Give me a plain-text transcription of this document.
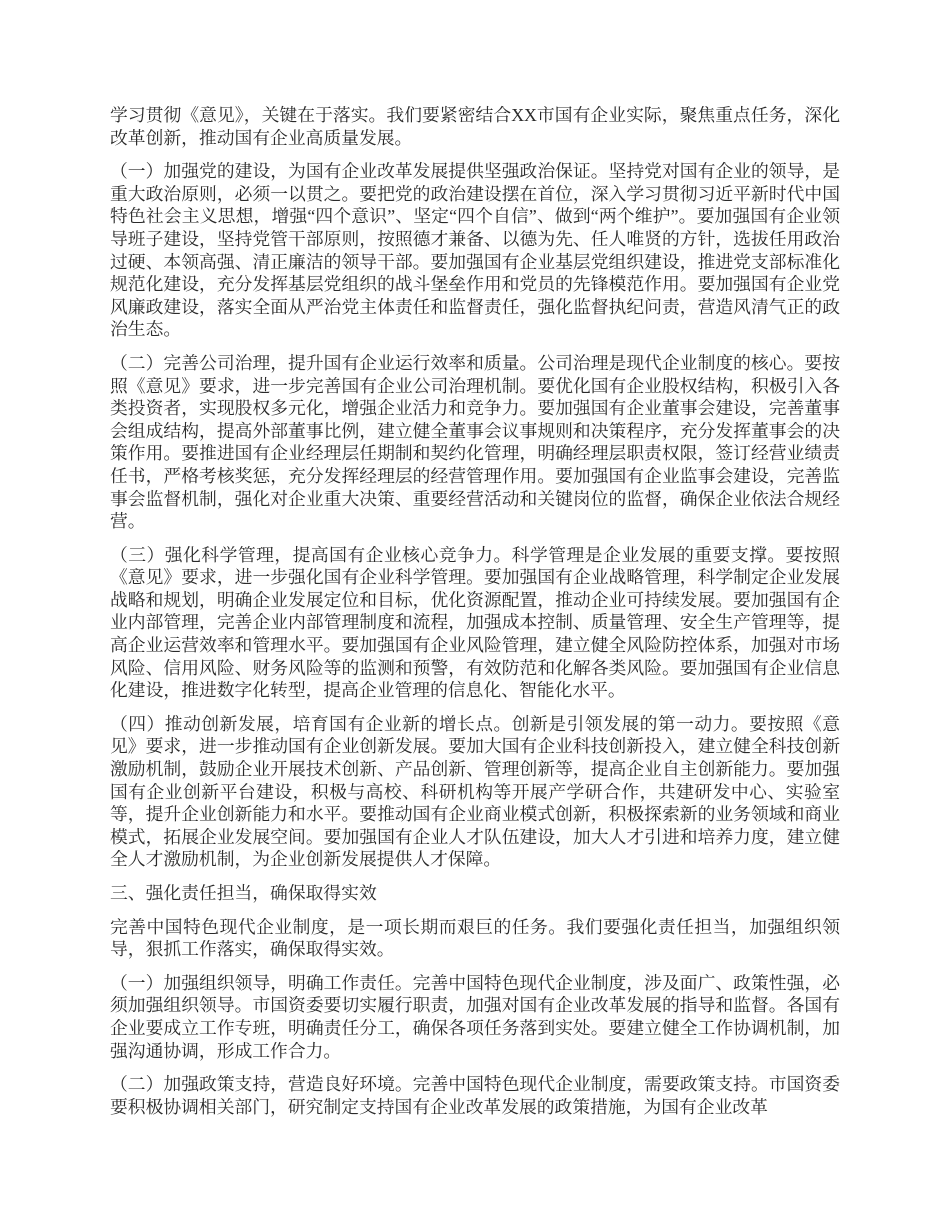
学习贯彻《意见》，关键在于落实。我们要紧密结合XX市国有企业实际，聚焦重点任务，深化改革创新，推动国有企业高质量发展。

（一）加强党的建设，为国有企业改革发展提供坚强政治保证。坚持党对国有企业的领导，是重大政治原则，必须一以贯之。要把党的政治建设摆在首位，深入学习贯彻习近平新时代中国特色社会主义思想，增强“四个意识”、坚定“四个自信”、做到“两个维护”。要加强国有企业领导班子建设，坚持党管干部原则，按照德才兼备、以德为先、任人唯贤的方针，选拔任用政治过硬、本领高强、清正廉洁的领导干部。要加强国有企业基层党组织建设，推进党支部标准化规范化建设，充分发挥基层党组织的战斗堡垒作用和党员的先锋模范作用。要加强国有企业党风廉政建设，落实全面从严治党主体责任和监督责任，强化监督执纪问责，营造风清气正的政治生态。

（二）完善公司治理，提升国有企业运行效率和质量。公司治理是现代企业制度的核心。要按照《意见》要求，进一步完善国有企业公司治理机制。要优化国有企业股权结构，积极引入各类投资者，实现股权多元化，增强企业活力和竞争力。要加强国有企业董事会建设，完善董事会组成结构，提高外部董事比例，建立健全董事会议事规则和决策程序，充分发挥董事会的决策作用。要推进国有企业经理层任期制和契约化管理，明确经理层职责权限，签订经营业绩责任书，严格考核奖惩，充分发挥经理层的经营管理作用。要加强国有企业监事会建设，完善监事会监督机制，强化对企业重大决策、重要经营活动和关键岗位的监督，确保企业依法合规经营。

（三）强化科学管理，提高国有企业核心竞争力。科学管理是企业发展的重要支撑。要按照《意见》要求，进一步强化国有企业科学管理。要加强国有企业战略管理，科学制定企业发展战略和规划，明确企业发展定位和目标，优化资源配置，推动企业可持续发展。要加强国有企业内部管理，完善企业内部管理制度和流程，加强成本控制、质量管理、安全生产管理等，提高企业运营效率和管理水平。要加强国有企业风险管理，建立健全风险防控体系，加强对市场风险、信用风险、财务风险等的监测和预警，有效防范和化解各类风险。要加强国有企业信息化建设，推进数字化转型，提高企业管理的信息化、智能化水平。

（四）推动创新发展，培育国有企业新的增长点。创新是引领发展的第一动力。要按照《意见》要求，进一步推动国有企业创新发展。要加大国有企业科技创新投入，建立健全科技创新激励机制，鼓励企业开展技术创新、产品创新、管理创新等，提高企业自主创新能力。要加强国有企业创新平台建设，积极与高校、科研机构等开展产学研合作，共建研发中心、实验室等，提升企业创新能力和水平。要推动国有企业商业模式创新，积极探索新的业务领域和商业模式，拓展企业发展空间。要加强国有企业人才队伍建设，加大人才引进和培养力度，建立健全人才激励机制，为企业创新发展提供人才保障。

三、强化责任担当，确保取得实效

完善中国特色现代企业制度，是一项长期而艰巨的任务。我们要强化责任担当，加强组织领导，狠抓工作落实，确保取得实效。

（一）加强组织领导，明确工作责任。完善中国特色现代企业制度，涉及面广、政策性强，必须加强组织领导。市国资委要切实履行职责，加强对国有企业改革发展的指导和监督。各国有企业要成立工作专班，明确责任分工，确保各项任务落到实处。要建立健全工作协调机制，加强沟通协调，形成工作合力。

（二）加强政策支持，营造良好环境。完善中国特色现代企业制度，需要政策支持。市国资委要积极协调相关部门，研究制定支持国有企业改革发展的政策措施，为国有企业改革
